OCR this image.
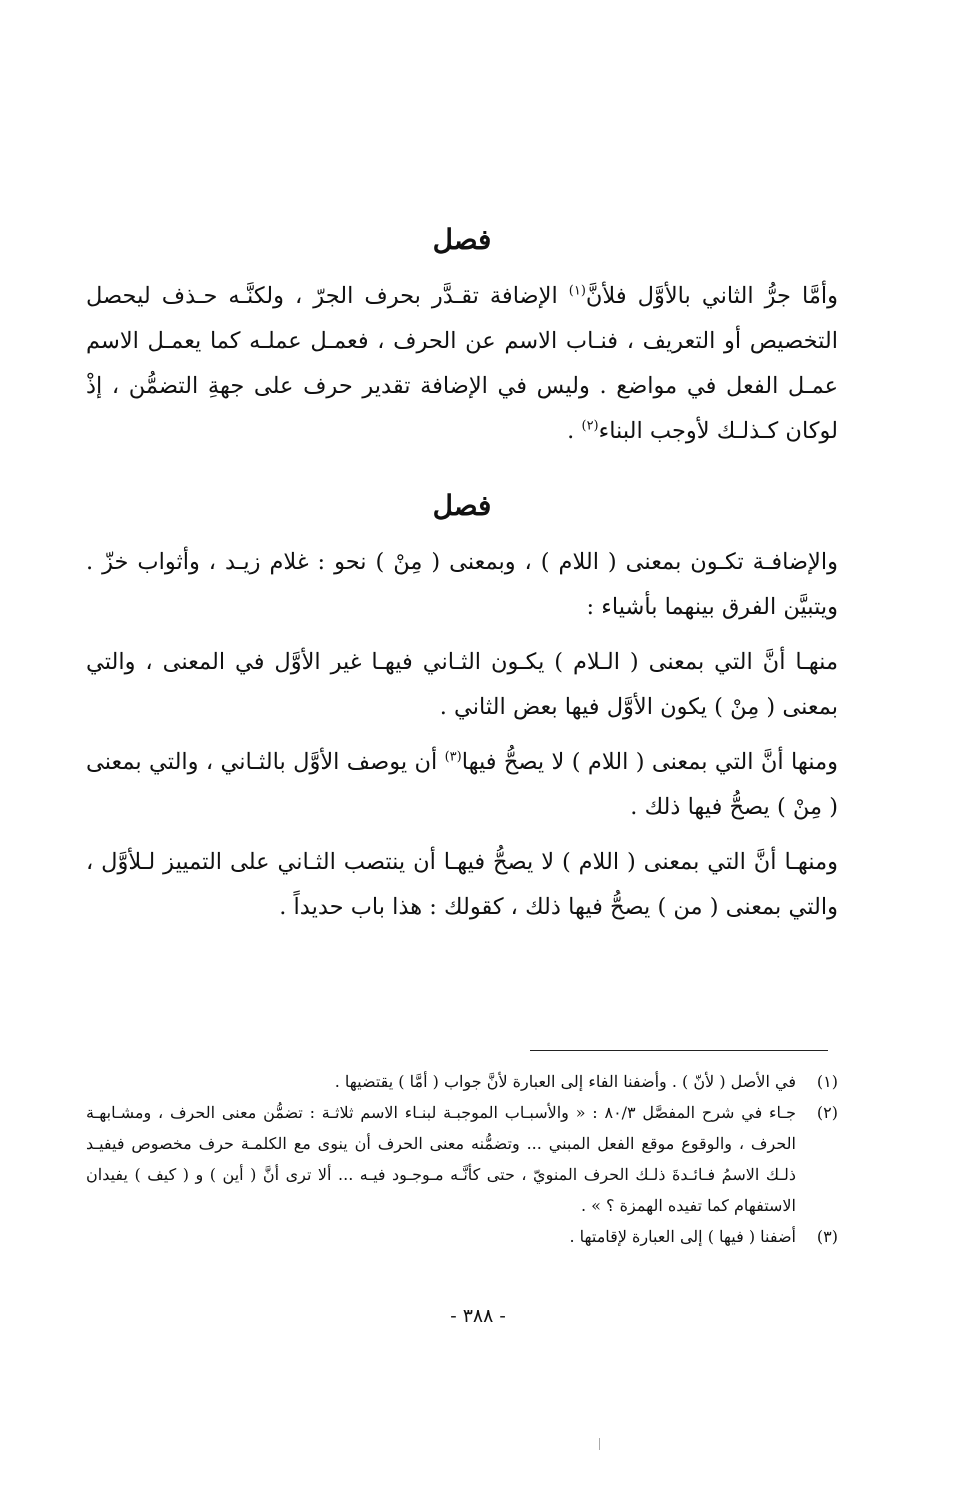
فصل

وأمَّا جرُّ الثاني بالأوَّل فلأنَّ$^{(١)}$ الإضافة تقـدَّر بحرف الجرّ ، ولكنَّـه حـذف ليحصل التخصيص أو التعريف ، فنـاب الاسم عن الحرف ، فعمـل عملـه كما يعمـل الاسم عمـل الفعل في مواضع . وليس في الإضافة تقدير حرف على جهةِ التضمُّن ، إذْ لوكان كـذلـك لأوجب البناء$^{(٢)}$ .

فصل

والإضافـة تكـون بمعنى ( اللام ) ، وبمعنى ( مِنْ ) نحو : غلام زيـد ، وأثواب خزّ . ويتبيَّن الفرق بينهما بأشياء :

منهـا أنَّ التي بمعنى ( الـلام ) يكـون الثـاني فيهـا غير الأوَّل في المعنى ، والتي بمعنى ( مِنْ ) يكون الأوَّل فيها بعض الثاني .

ومنها أنَّ التي بمعنى ( اللام ) لا يصحُّ فيها$^{(٣)}$ أن يوصف الأوَّل بالثـاني ، والتي بمعنى ( مِنْ ) يصحُّ فيها ذلك .

ومنهـا أنَّ التي بمعنى ( اللام ) لا يصحُّ فيهـا أن ينتصب الثـاني على التمييز لـلأوَّل ، والتي بمعنى ( من ) يصحُّ فيها ذلك ، كقولك : هذا باب حديداً .

(١)
في الأصل ( لأنّ ) . وأضفنا الفاء إلى العبارة لأنَّ جواب ( أمَّا ) يقتضيها .
(٢)
جـاء في شرح المفصَّل ٨٠/٣ : « والأسبـاب الموجبـة لبنـاء الاسم ثلاثـة : تضمُّن معنى الحرف ، ومشـابهـة الحرف ، والوقوع موقع الفعل المبني ... وتضمُّنه معنى الحرف أن ينوى مع الكلمـة حرف مخصوص فيفيـد ذلـك الاسمُ فـائـدةَ ذلـك الحرف المنويّ ، حتى كأنَّـه مـوجـود فيـه ... ألا ترى أنَّ ( أين ) و ( كيف ) يفيدان الاستفهام كما تفيده الهمزة ؟ » .
(٣)
أضفنا ( فيها ) إلى العبارة لإقامتها .
- ٣٨٨ -
